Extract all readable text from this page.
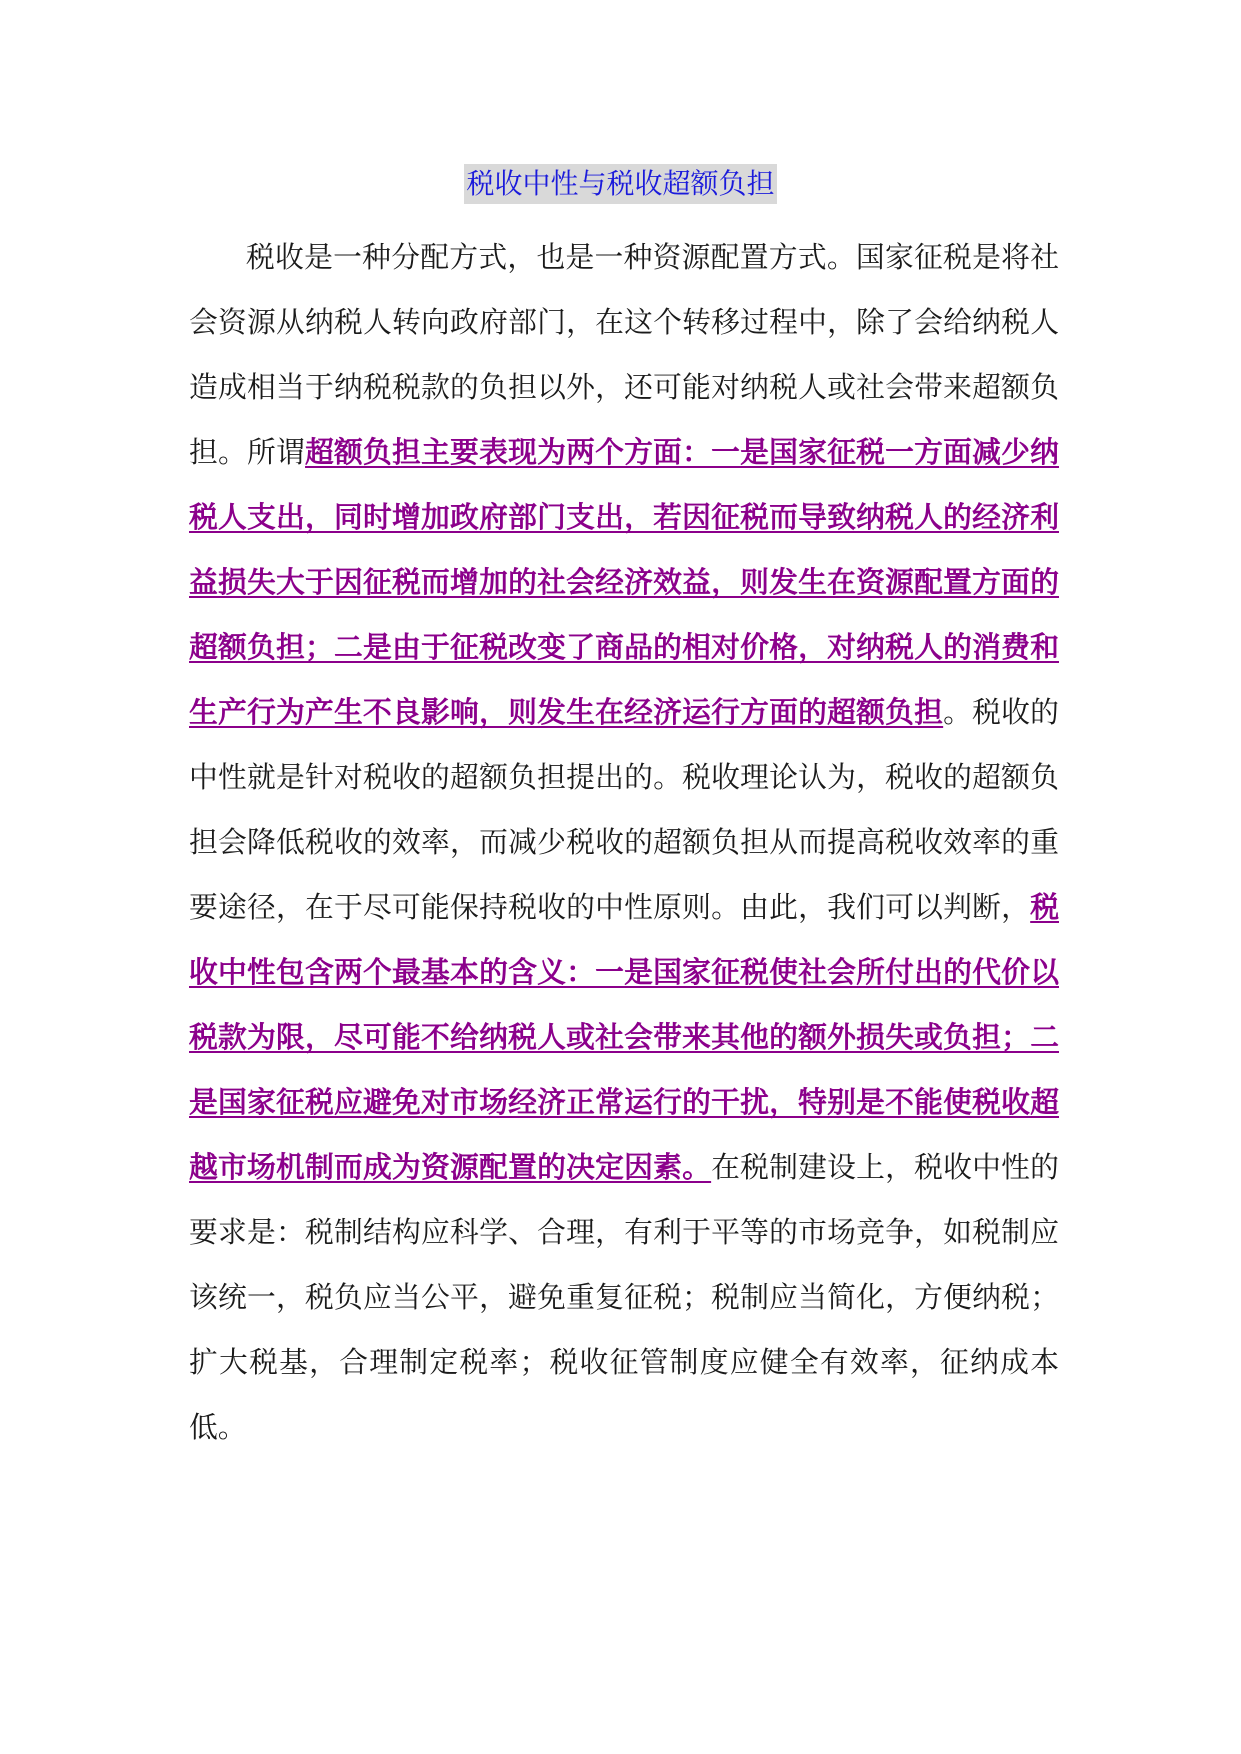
税收中性与税收超额负担

税收是一种分配方式，也是一种资源配置方式。国家征税是将社会资源从纳税人转向政府部门，在这个转移过程中，除了会给纳税人造成相当于纳税税款的负担以外，还可能对纳税人或社会带来超额负担。所谓超额负担主要表现为两个方面：一是国家征税一方面减少纳税人支出，同时增加政府部门支出，若因征税而导致纳税人的经济利益损失大于因征税而增加的社会经济效益，则发生在资源配置方面的超额负担；二是由于征税改变了商品的相对价格，对纳税人的消费和生产行为产生不良影响，则发生在经济运行方面的超额负担。税收的中性就是针对税收的超额负担提出的。税收理论认为，税收的超额负担会降低税收的效率，而减少税收的超额负担从而提高税收效率的重要途径，在于尽可能保持税收的中性原则。由此，我们可以判断，税收中性包含两个最基本的含义：一是国家征税使社会所付出的代价以税款为限，尽可能不给纳税人或社会带来其他的额外损失或负担；二是国家征税应避免对市场经济正常运行的干扰，特别是不能使税收超越市场机制而成为资源配置的决定因素。在税制建设上，税收中性的要求是：税制结构应科学、合理，有利于平等的市场竞争，如税制应该统一，税负应当公平，避免重复征税；税制应当简化，方便纳税；扩大税基，合理制定税率；税收征管制度应健全有效率，征纳成本低。
